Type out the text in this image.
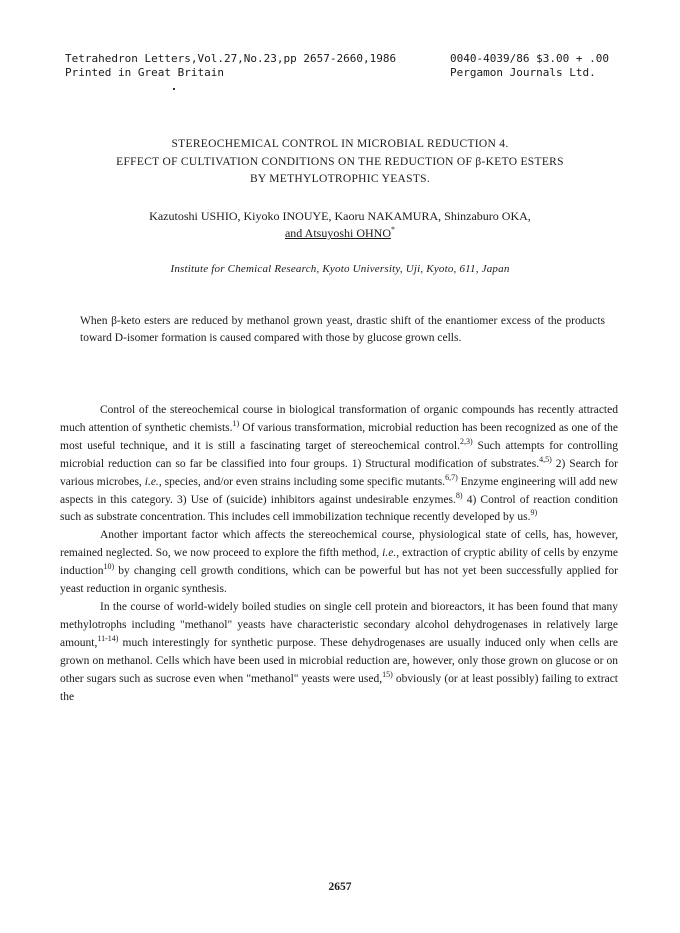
Tetrahedron Letters,Vol.27,No.23,pp 2657-2660,1986	0040-4039/86 $3.00 + .00
Printed in Great Britain	Pergamon Journals Ltd.
STEREOCHEMICAL CONTROL IN MICROBIAL REDUCTION 4.
EFFECT OF CULTIVATION CONDITIONS ON THE REDUCTION OF β-KETO ESTERS
BY METHYLOTROPHIC YEASTS.
Kazutoshi USHIO, Kiyoko INOUYE, Kaoru NAKAMURA, Shinzaburo OKA,
and Atsuyoshi OHNO*
Institute for Chemical Research, Kyoto University, Uji, Kyoto, 611, Japan
When β-keto esters are reduced by methanol grown yeast, drastic shift of the enantiomer excess of the products toward D-isomer formation is caused compared with those by glucose grown cells.

Control of the stereochemical course in biological transformation of organic compounds has recently attracted much attention of synthetic chemists.$^{1)}$ Of various transformation, microbial reduction has been recognized as one of the most useful technique, and it is still a fascinating target of stereochemical control.$^{2,3)}$ Such attempts for controlling microbial reduction can so far be classified into four groups. 1) Structural modification of substrates.$^{4,5)}$ 2) Search for various microbes, i.e., species, and/or even strains including some specific mutants.$^{6,7)}$ Enzyme engineering will add new aspects in this category. 3) Use of (suicide) inhibitors against undesirable enzymes.$^{8)}$ 4) Control of reaction condition such as substrate concentration. This includes cell immobilization technique recently developed by us.$^{9)}$

Another important factor which affects the stereochemical course, physiological state of cells, has, however, remained neglected. So, we now proceed to explore the fifth method, i.e., extraction of cryptic ability of cells by enzyme induction$^{10)}$ by changing cell growth conditions, which can be powerful but has not yet been successfully applied for yeast reduction in organic synthesis.

In the course of world-widely boiled studies on single cell protein and bioreactors, it has been found that many methylotrophs including "methanol" yeasts have characteristic secondary alcohol dehydrogenases in relatively large amount,$^{11-14)}$ much interestingly for synthetic purpose. These dehydrogenases are usually induced only when cells are grown on methanol. Cells which have been used in microbial reduction are, however, only those grown on glucose or on other sugars such as sucrose even when "methanol" yeasts were used,$^{15)}$ obviously (or at least possibly) failing to extract the

2657
